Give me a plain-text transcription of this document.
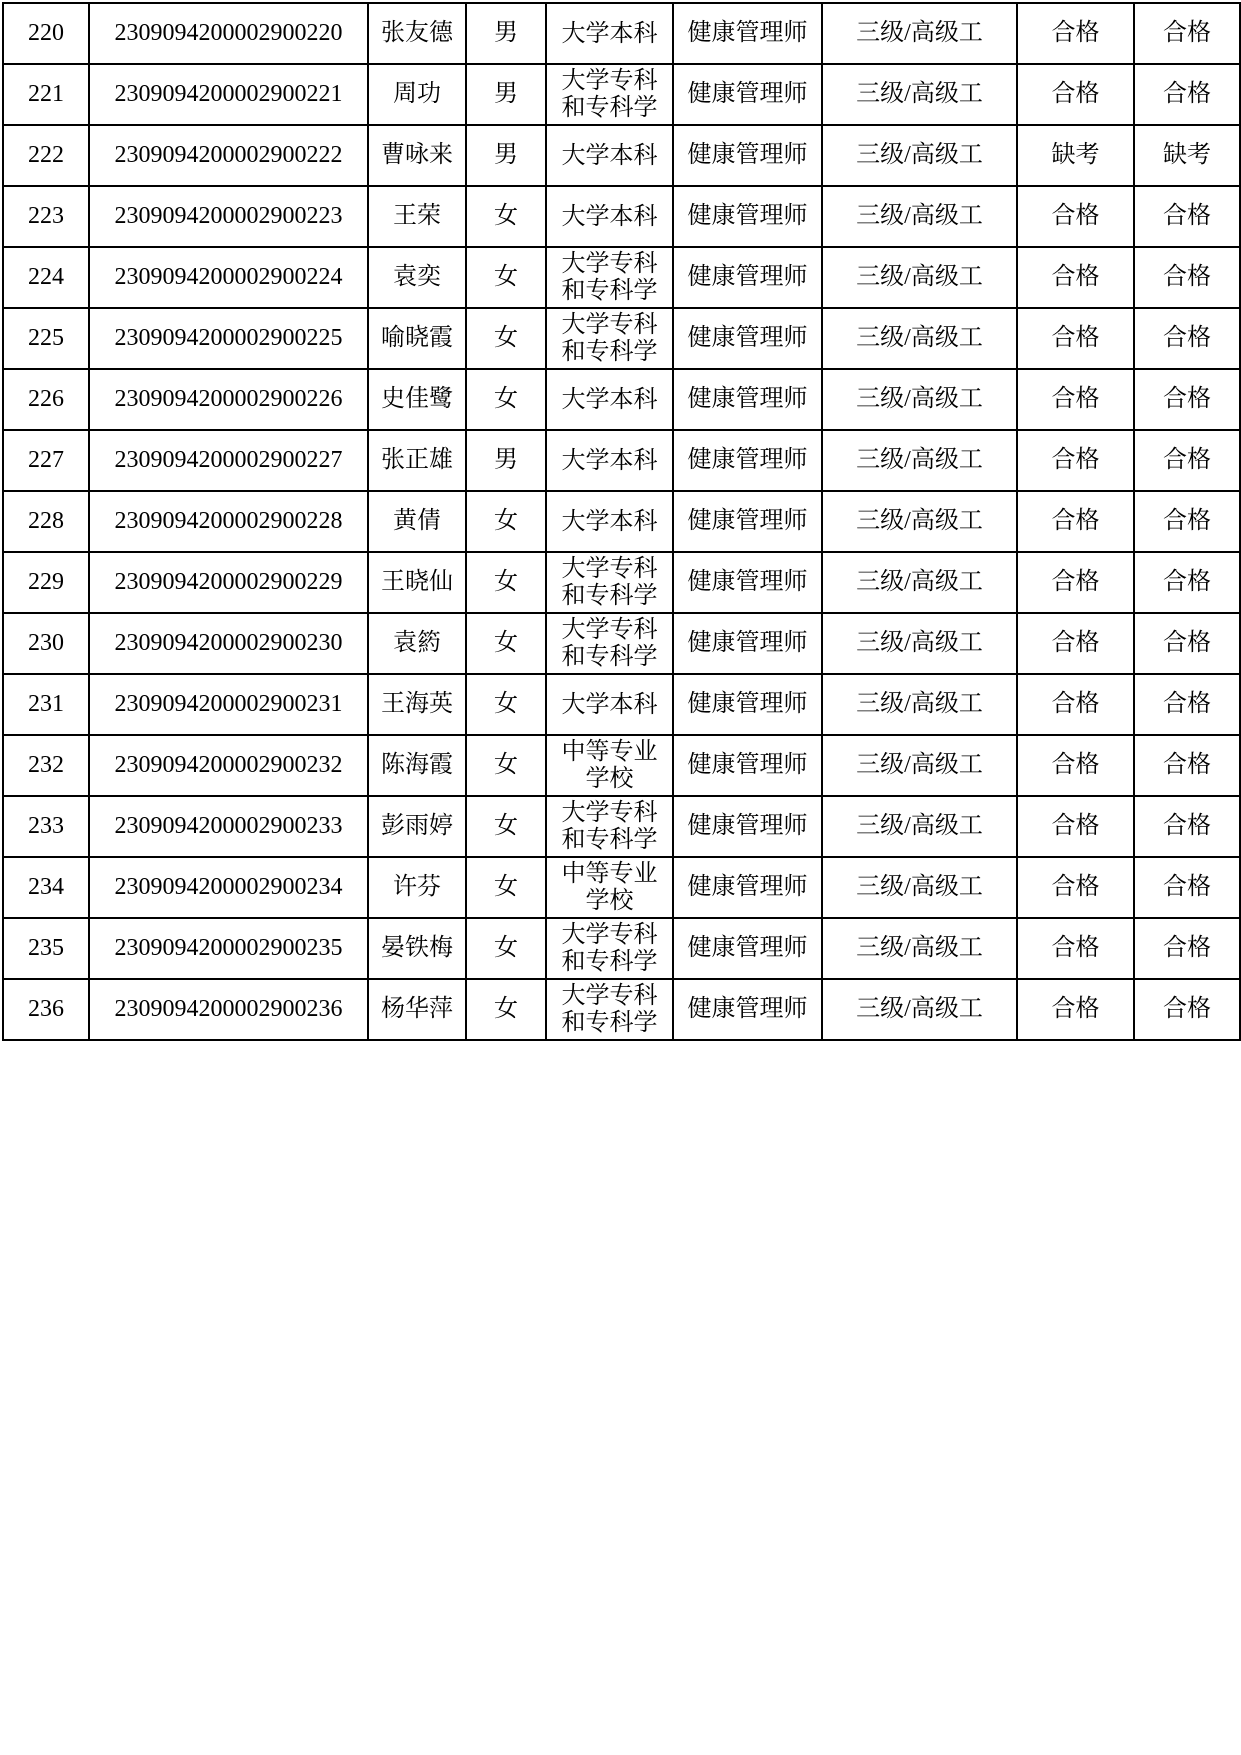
220	2309094200002900220	张友德	男	大学本科	健康管理师	三级/高级工	合格	合格
221	2309094200002900221	周功	男	大学专科和专科学	健康管理师	三级/高级工	合格	合格
222	2309094200002900222	曹咏来	男	大学本科	健康管理师	三级/高级工	缺考	缺考
223	2309094200002900223	王荣	女	大学本科	健康管理师	三级/高级工	合格	合格
224	2309094200002900224	袁奕	女	大学专科和专科学	健康管理师	三级/高级工	合格	合格
225	2309094200002900225	喻晓霞	女	大学专科和专科学	健康管理师	三级/高级工	合格	合格
226	2309094200002900226	史佳鹭	女	大学本科	健康管理师	三级/高级工	合格	合格
227	2309094200002900227	张正雄	男	大学本科	健康管理师	三级/高级工	合格	合格
228	2309094200002900228	黄倩	女	大学本科	健康管理师	三级/高级工	合格	合格
229	2309094200002900229	王晓仙	女	大学专科和专科学	健康管理师	三级/高级工	合格	合格
230	2309094200002900230	袁箹	女	大学专科和专科学	健康管理师	三级/高级工	合格	合格
231	2309094200002900231	王海英	女	大学本科	健康管理师	三级/高级工	合格	合格
232	2309094200002900232	陈海霞	女	中等专业学校	健康管理师	三级/高级工	合格	合格
233	2309094200002900233	彭雨婷	女	大学专科和专科学	健康管理师	三级/高级工	合格	合格
234	2309094200002900234	许芬	女	中等专业学校	健康管理师	三级/高级工	合格	合格
235	2309094200002900235	晏铁梅	女	大学专科和专科学	健康管理师	三级/高级工	合格	合格
236	2309094200002900236	杨华萍	女	大学专科和专科学	健康管理师	三级/高级工	合格	合格
